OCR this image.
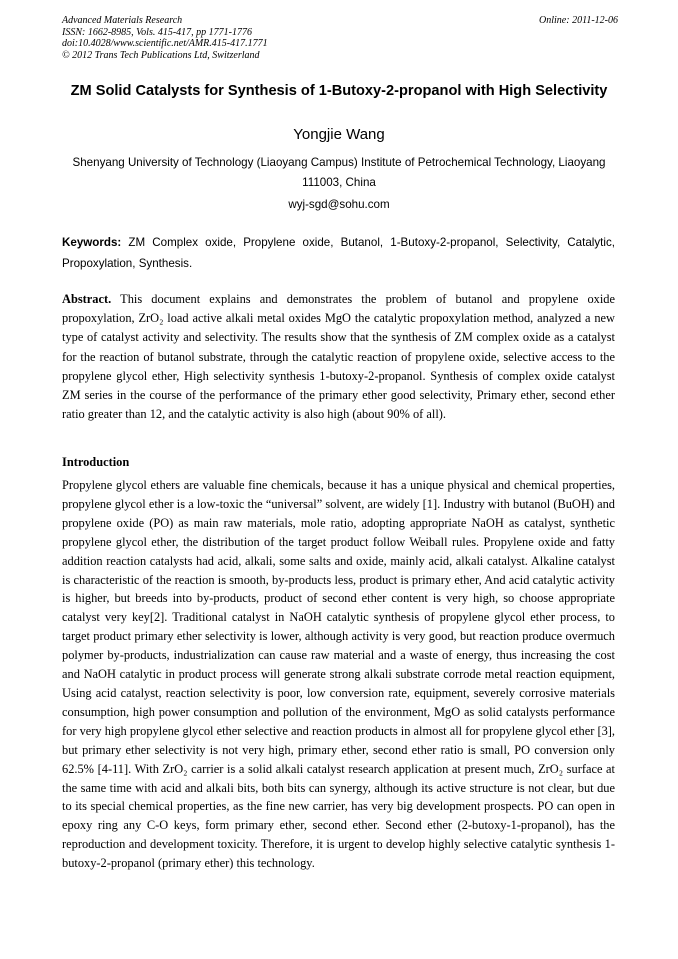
Advanced Materials Research
ISSN: 1662-8985, Vols. 415-417, pp 1771-1776
doi:10.4028/www.scientific.net/AMR.415-417.1771
© 2012 Trans Tech Publications Ltd, Switzerland
Online: 2011-12-06
ZM Solid Catalysts for Synthesis of 1-Butoxy-2-propanol with High Selectivity
Yongjie Wang
Shenyang University of Technology (Liaoyang Campus) Institute of Petrochemical Technology, Liaoyang 111003, China
wyj-sgd@sohu.com
Keywords: ZM Complex oxide, Propylene oxide, Butanol, 1-Butoxy-2-propanol, Selectivity, Catalytic, Propoxylation, Synthesis.
Abstract. This document explains and demonstrates the problem of butanol and propylene oxide propoxylation, ZrO₂ load active alkali metal oxides MgO the catalytic propoxylation method, analyzed a new type of catalyst activity and selectivity. The results show that the synthesis of ZM complex oxide as a catalyst for the reaction of butanol substrate, through the catalytic reaction of propylene oxide, selective access to the propylene glycol ether, High selectivity synthesis 1-butoxy-2-propanol. Synthesis of complex oxide catalyst ZM series in the course of the performance of the primary ether good selectivity, Primary ether, second ether ratio greater than 12, and the catalytic activity is also high (about 90% of all).
Introduction
Propylene glycol ethers are valuable fine chemicals, because it has a unique physical and chemical properties, propylene glycol ether is a low-toxic the “universal” solvent, are widely [1]. Industry with butanol (BuOH) and propylene oxide (PO) as main raw materials, mole ratio, adopting appropriate NaOH as catalyst, synthetic propylene glycol ether, the distribution of the target product follow Weiball rules. Propylene oxide and fatty addition reaction catalysts had acid, alkali, some salts and oxide, mainly acid, alkali catalyst. Alkaline catalyst is characteristic of the reaction is smooth, by-products less, product is primary ether, And acid catalytic activity is higher, but breeds into by-products, product of second ether content is very high, so choose appropriate catalyst very key[2]. Traditional catalyst in NaOH catalytic synthesis of propylene glycol ether process, to target product primary ether selectivity is lower, although activity is very good, but reaction produce overmuch polymer by-products, industrialization can cause raw material and a waste of energy, thus increasing the cost and NaOH catalytic in product process will generate strong alkali substrate corrode metal reaction equipment, Using acid catalyst, reaction selectivity is poor, low conversion rate, equipment, severely corrosive materials consumption, high power consumption and pollution of the environment, MgO as solid catalysts performance for very high propylene glycol ether selective and reaction products in almost all for propylene glycol ether [3], but primary ether selectivity is not very high, primary ether, second ether ratio is small, PO conversion only 62.5% [4-11]. With ZrO₂ carrier is a solid alkali catalyst research application at present much, ZrO₂ surface at the same time with acid and alkali bits, both bits can synergy, although its active structure is not clear, but due to its special chemical properties, as the fine new carrier, has very big development prospects. PO can open in epoxy ring any C-O keys, form primary ether, second ether. Second ether (2-butoxy-1-propanol), has the reproduction and development toxicity. Therefore, it is urgent to develop highly selective catalytic synthesis 1-butoxy-2-propanol (primary ether) this technology.
